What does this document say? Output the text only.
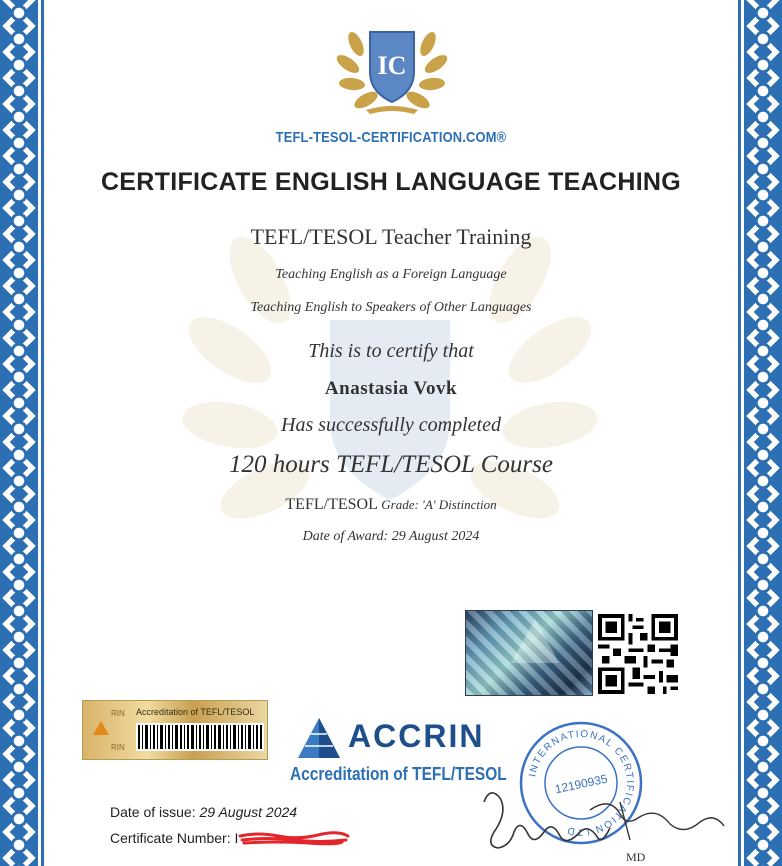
IC
TEFL-TESOL-CERTIFICATION.COM®
CERTIFICATE ENGLISH LANGUAGE TEACHING
TEFL/TESOL Teacher Training
Teaching English as a Foreign Language
Teaching English to Speakers of Other Languages
This is to certify that
Anastasia Vovk
Has successfully completed
120 hours TEFL/TESOL Course
TEFL/TESOL Grade: 'A' Distinction
Date of Award: 29 August 2024
RIN
RIN
Accreditation of TEFL/TESOL
ACCRIN
Accreditation of TEFL/TESOL INTERNATIONAL CERTIFICATION LTD
12190935
MD
Date of issue: 29 August 2024
Certificate Number: I
